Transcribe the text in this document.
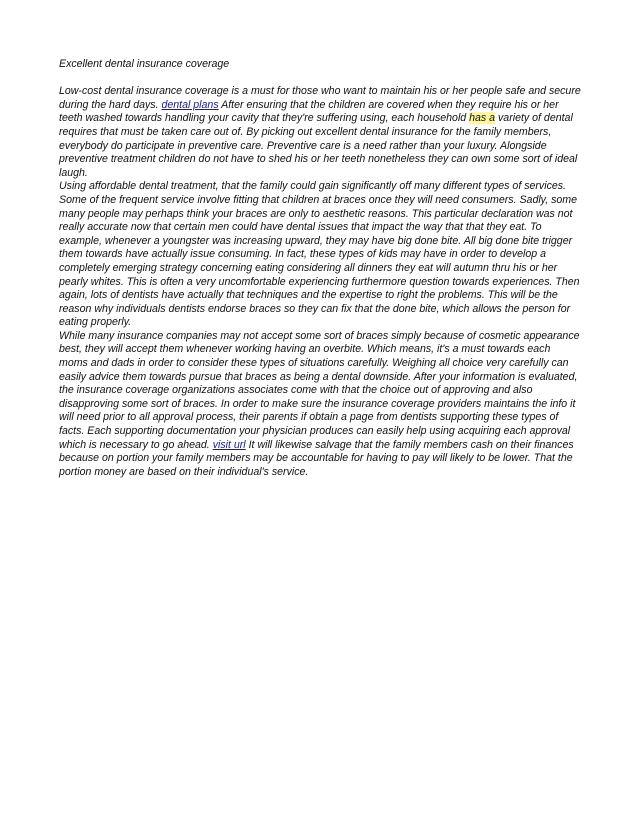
Excellent dental insurance coverage

Low-cost dental insurance coverage is a must for those who want to maintain his or her people safe and secure during the hard days. dental plans After ensuring that the children are covered when they require his or her teeth washed towards handling your cavity that they're suffering using, each household has a variety of dental requires that must be taken care out of. By picking out excellent dental insurance for the family members, everybody do participate in preventive care. Preventive care is a need rather than your luxury. Alongside preventive treatment children do not have to shed his or her teeth nonetheless they can own some sort of ideal laugh.

Using affordable dental treatment, that the family could gain significantly off many different types of services. Some of the frequent service involve fitting that children at braces once they will need consumers. Sadly, some many people may perhaps think your braces are only to aesthetic reasons. This particular declaration was not really accurate now that certain men could have dental issues that impact the way that that they eat. To example, whenever a youngster was increasing upward, they may have big done bite. All big done bite trigger them towards have actually issue consuming. In fact, these types of kids may have in order to develop a completely emerging strategy concerning eating considering all dinners they eat will autumn thru his or her pearly whites. This is often a very uncomfortable experiencing furthermore question towards experiences. Then again, lots of dentists have actually that techniques and the expertise to right the problems. This will be the reason why individuals dentists endorse braces so they can fix that the done bite, which allows the person for eating properly.

While many insurance companies may not accept some sort of braces simply because of cosmetic appearance best, they will accept them whenever working having an overbite. Which means, it's a must towards each moms and dads in order to consider these types of situations carefully. Weighing all choice very carefully can easily advice them towards pursue that braces as being a dental downside. After your information is evaluated, the insurance coverage organizations associates come with that the choice out of approving and also disapproving some sort of braces. In order to make sure the insurance coverage providers maintains the info it will need prior to all approval process, their parents if obtain a page from dentists supporting these types of facts. Each supporting documentation your physician produces can easily help using acquiring each approval which is necessary to go ahead. visit url It will likewise salvage that the family members cash on their finances because on portion your family members may be accountable for having to pay will likely to be lower. That the portion money are based on their individual's service.
